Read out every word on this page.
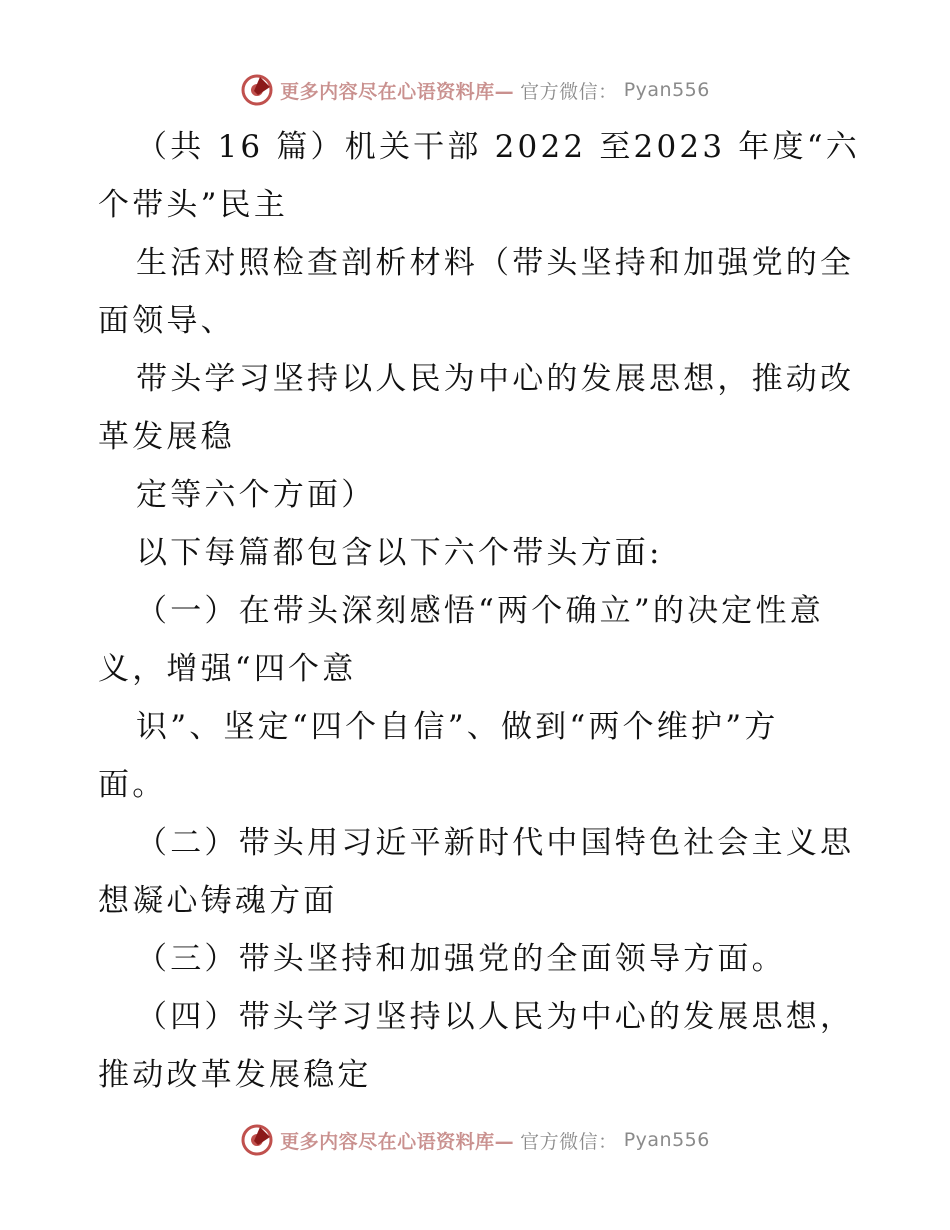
更多内容尽在心语资料库— 官方微信： Pyan556
（共 16 篇）机关干部 2022 至2023 年度“六
个带头”民主
生活对照检查剖析材料（带头坚持和加强党的全
面领导、
带头学习坚持以人民为中心的发展思想，推动改
革发展稳
定等六个方面）
以下每篇都包含以下六个带头方面:
（一）在带头深刻感悟“两个确立”的决定性意
义，增强“四个意
识”、坚定“四个自信”、做到“两个维护”方
面。
（二）带头用习近平新时代中国特色社会主义思
想凝心铸魂方面
（三）带头坚持和加强党的全面领导方面。
（四）带头学习坚持以人民为中心的发展思想，
推动改革发展稳定
更多内容尽在心语资料库— 官方微信： Pyan556
